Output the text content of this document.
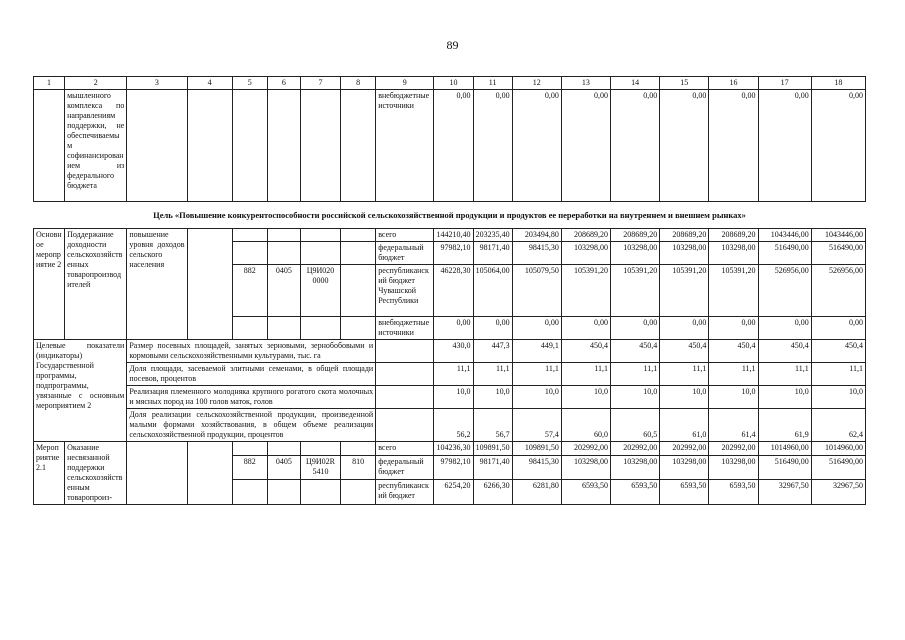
89
1	2	3	4	5	6	7	8	9	10	11	12	13	14	15	16	17	18
	мышленного комплекса по направлениям поддержки, не обеспечиваемым софинансированием из федерального бюджета							внебюджетные источники	0,00	0,00	0,00	0,00	0,00	0,00	0,00	0,00	0,00
Цель «Повышение конкурентоспособности российской сельскохозяйственной продукции и продуктов ее переработки на внутреннем и внешнем рынках»																	
Основное мероприятие 2	Поддержание доходности сельскохозяйственных товаропроизводителей	повышение уровня доходов сельского населения						всего	144210,40	203235,40	203494,80	208689,20	208689,20	208689,20	208689,20	1043446,00	1043446,00
								федеральный бюджет	97982,10	98171,40	98415,30	103298,00	103298,00	103298,00	103298,00	516490,00	516490,00
				882	0405	Ц9И020 0000		республиканский бюджет Чувашской Республики	46228,30	105064,00	105079,50	105391,20	105391,20	105391,20	105391,20	526956,00	526956,00
								внебюджетные источники	0,00	0,00	0,00	0,00	0,00	0,00	0,00	0,00	0,00
Целевые показатели (индикаторы) Государственной программы, подпрограммы, увязанные с основным мероприятием 2		Размер посевных площадей, занятых зерновыми, зернобобовыми и кормовыми сельскохозяйственными культурами, тыс. га							430,0	447,3	449,1	450,4	450,4	450,4	450,4	450,4	450,4
		Доля площади, засеваемой элитными семенами, в общей площади посевов, процентов							11,1	11,1	11,1	11,1	11,1	11,1	11,1	11,1	11,1
		Реализация племенного молодняка крупного рогатого скота молочных и мясных пород на 100 голов маток, голов							10,0	10,0	10,0	10,0	10,0	10,0	10,0	10,0	10,0
		Доля реализации сельскохозяйственной продукции, произведенной малыми формами хозяйствования, в общем объеме реализации сельскохозяйственной продукции, процентов							56,2	56,7	57,4	60,0	60,5	61,0	61,4	61,9	62,4
Мероприятие 2.1	Оказание несвязанной поддержки сельскохозяйственным товаропроиз-							всего	104236,30	109891,50	109891,50	202992,00	202992,00	202992,00	202992,00	1014960,00	1014960,00
				882	0405	Ц9И02R 5410	810	федеральный бюджет	97982,10	98171,40	98415,30	103298,00	103298,00	103298,00	103298,00	516490,00	516490,00
								республиканский бюджет	6254,20	6266,30	6281,80	6593,50	6593,50	6593,50	6593,50	32967,50	32967,50
